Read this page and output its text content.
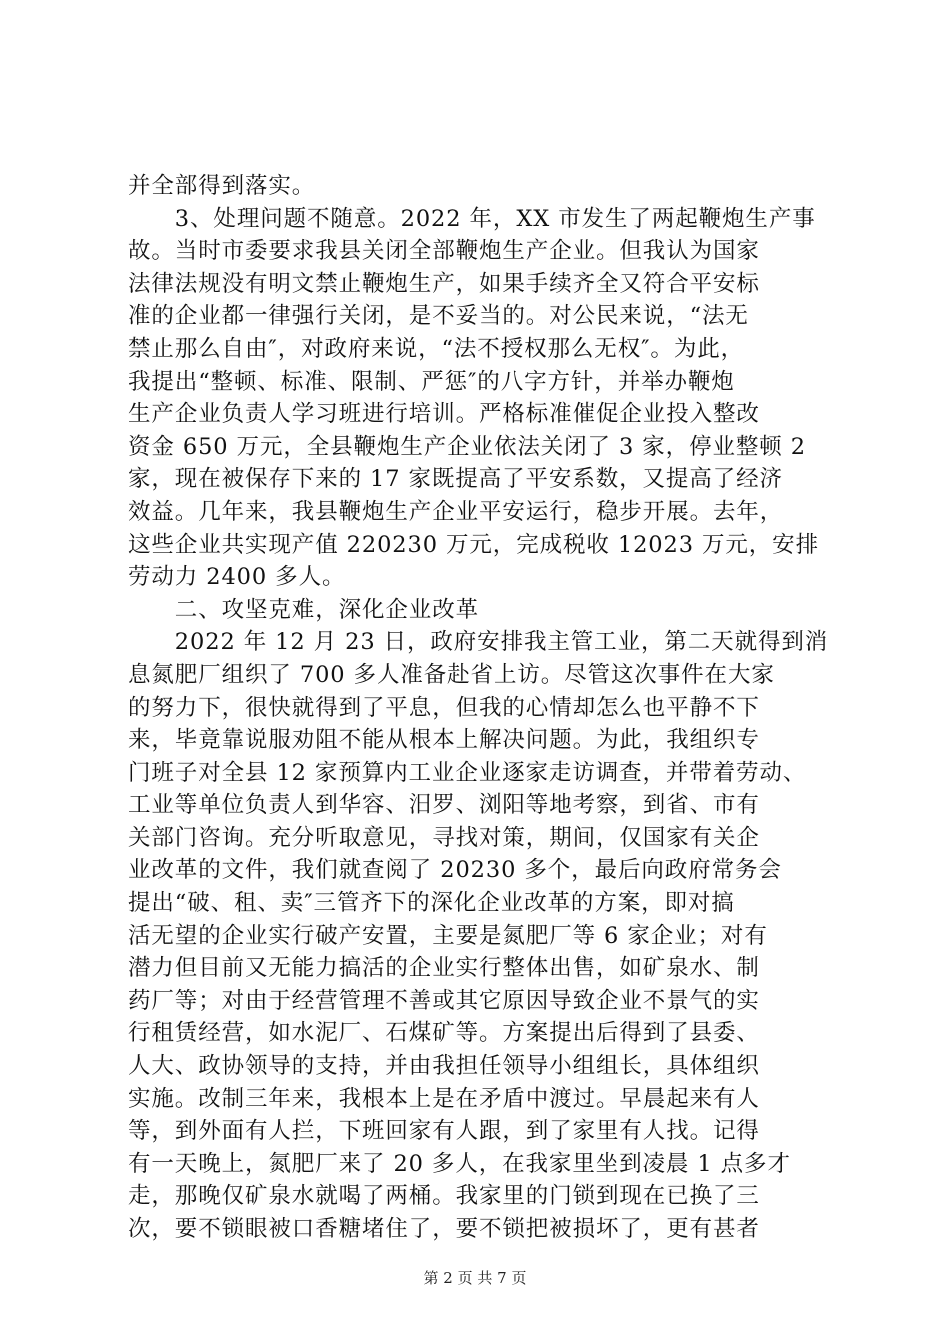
并全部得到落实。
　　3、处理问题不随意。2022 年，XX 市发生了两起鞭炮生产事
故。当时市委要求我县关闭全部鞭炮生产企业。但我认为国家
法律法规没有明文禁止鞭炮生产，如果手续齐全又符合平安标
准的企业都一律强行关闭，是不妥当的。对公民来说，“法无
禁止那么自由″，对政府来说，“法不授权那么无权″。为此，
我提出“整顿、标准、限制、严惩″的八字方针，并举办鞭炮
生产企业负责人学习班进行培训。严格标准催促企业投入整改
资金 650 万元，全县鞭炮生产企业依法关闭了 3 家，停业整顿 2
家，现在被保存下来的 17 家既提高了平安系数，又提高了经济
效益。几年来，我县鞭炮生产企业平安运行，稳步开展。去年，
这些企业共实现产值 220230 万元，完成税收 12023 万元，安排
劳动力 2400 多人。
　　二、攻坚克难，深化企业改革
　　2022 年 12 月 23 日，政府安排我主管工业，第二天就得到消
息氮肥厂组织了 700 多人准备赴省上访。尽管这次事件在大家
的努力下，很快就得到了平息，但我的心情却怎么也平静不下
来，毕竟靠说服劝阻不能从根本上解决问题。为此，我组织专
门班子对全县 12 家预算内工业企业逐家走访调查，并带着劳动、
工业等单位负责人到华容、汨罗、浏阳等地考察，到省、市有
关部门咨询。充分听取意见，寻找对策，期间，仅国家有关企
业改革的文件，我们就查阅了 20230 多个，最后向政府常务会
提出“破、租、卖″三管齐下的深化企业改革的方案，即对搞
活无望的企业实行破产安置，主要是氮肥厂等 6 家企业；对有
潜力但目前又无能力搞活的企业实行整体出售，如矿泉水、制
药厂等；对由于经营管理不善或其它原因导致企业不景气的实
行租赁经营，如水泥厂、石煤矿等。方案提出后得到了县委、
人大、政协领导的支持，并由我担任领导小组组长，具体组织
实施。改制三年来，我根本上是在矛盾中渡过。早晨起来有人
等，到外面有人拦，下班回家有人跟，到了家里有人找。记得
有一天晚上，氮肥厂来了 20 多人，在我家里坐到凌晨 1 点多才
走，那晚仅矿泉水就喝了两桶。我家里的门锁到现在已换了三
次，要不锁眼被口香糖堵住了，要不锁把被损坏了，更有甚者
第 2 页 共 7 页
